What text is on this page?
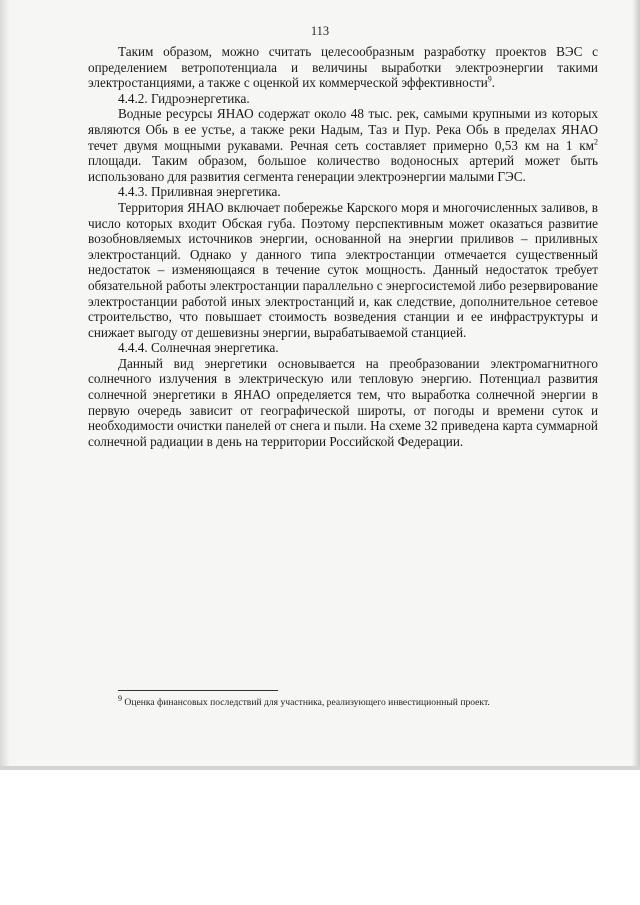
113

Таким образом, можно считать целесообразным разработку проектов ВЭС с определением ветропотенциала и величины выработки электроэнергии такими электростанциями, а также с оценкой их коммерческой эффективности$^9$.

4.4.2. Гидроэнергетика.

Водные ресурсы ЯНАО содержат около 48 тыс. рек, самыми крупными из которых являются Обь в ее устье, а также реки Надым, Таз и Пур. Река Обь в пределах ЯНАО течет двумя мощными рукавами. Речная сеть составляет примерно 0,53 км на 1 $км^2$ площади. Таким образом, большое количество водоносных артерий может быть использовано для развития сегмента генерации электроэнергии малыми ГЭС.

4.4.3. Приливная энергетика.

Территория ЯНАО включает побережье Карского моря и многочисленных заливов, в число которых входит Обская губа. Поэтому перспективным может оказаться развитие возобновляемых источников энергии, основанной на энергии приливов – приливных электростанций. Однако у данного типа электростанции отмечается существенный недостаток – изменяющаяся в течение суток мощность. Данный недостаток требует обязательной работы электростанции параллельно с энергосистемой либо резервирование электростанции работой иных электростанций и, как следствие, дополнительное сетевое строительство, что повышает стоимость возведения станции и ее инфраструктуры и снижает выгоду от дешевизны энергии, вырабатываемой станцией.

4.4.4. Солнечная энергетика.

Данный вид энергетики основывается на преобразовании электромагнитного солнечного излучения в электрическую или тепловую энергию. Потенциал развития солнечной энергетики в ЯНАО определяется тем, что выработка солнечной энергии в первую очередь зависит от географической широты, от погоды и времени суток и необходимости очистки панелей от снега и пыли. На схеме 32 приведена карта суммарной солнечной радиации в день на территории Российской Федерации.

$^9$ Оценка финансовых последствий для участника, реализующего инвестиционный проект.
